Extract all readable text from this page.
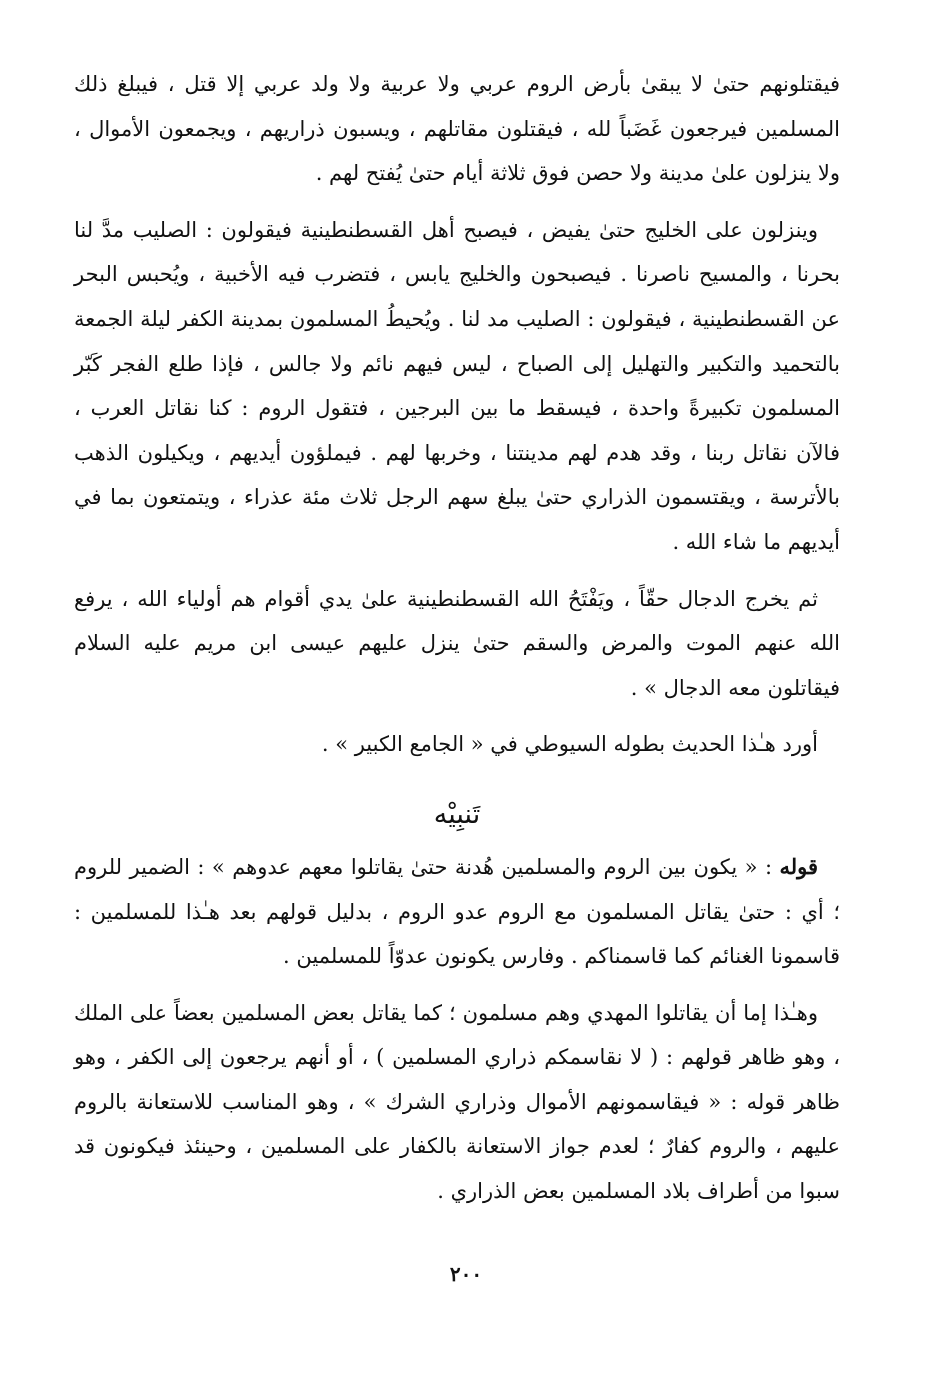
فيقتلونهم حتىٰ لا يبقىٰ بأرض الروم عربي ولا عربية ولا ولد عربي إلا قتل ، فيبلغ ذلك المسلمين فيرجعون غَضَباً لله ، فيقتلون مقاتلهم ، ويسبون ذراريهم ، ويجمعون الأموال ، ولا ينزلون علىٰ مدينة ولا حصن فوق ثلاثة أيام حتىٰ يُفتح لهم .

وينزلون على الخليج حتىٰ يفيض ، فيصبح أهل القسطنطينية فيقولون : الصليب مدَّ لنا بحرنا ، والمسيح ناصرنا . فيصبحون والخليج يابس ، فتضرب فيه الأخبية ، ويُحبس البحر عن القسطنطينية ، فيقولون : الصليب مد لنا . ويُحيطُ المسلمون بمدينة الكفر ليلة الجمعة بالتحميد والتكبير والتهليل إلى الصباح ، ليس فيهم نائم ولا جالس ، فإذا طلع الفجر كَبّر المسلمون تكبيرةً واحدة ، فيسقط ما بين البرجين ، فتقول الروم : كنا نقاتل العرب ، فالآن نقاتل ربنا ، وقد هدم لهم مدينتنا ، وخربها لهم . فيملؤون أيديهم ، ويكيلون الذهب بالأترسة ، ويقتسمون الذراري حتىٰ يبلغ سهم الرجل ثلاث مئة عذراء ، ويتمتعون بما في أيديهم ما شاء الله .

ثم يخرج الدجال حقّاً ، ويَفْتَحُ الله القسطنطينية علىٰ يدي أقوام هم أولياء الله ، يرفع الله عنهم الموت والمرض والسقم حتىٰ ينزل عليهم عيسى ابن مريم عليه السلام فيقاتلون معه الدجال » .

أورد هـٰذا الحديث بطوله السيوطي في « الجامع الكبير » .

تَنبِيْه

قوله : « يكون بين الروم والمسلمين هُدنة حتىٰ يقاتلوا معهم عدوهم » : الضمير للروم ؛ أي : حتىٰ يقاتل المسلمون مع الروم عدو الروم ، بدليل قولهم بعد هـٰذا للمسلمين : قاسمونا الغنائم كما قاسمناكم . وفارس يكونون عدوّاً للمسلمين .

وهـٰذا إما أن يقاتلوا المهدي وهم مسلمون ؛ كما يقاتل بعض المسلمين بعضاً على الملك ، وهو ظاهر قولهم : ( لا نقاسمكم ذراري المسلمين ) ، أو أنهم يرجعون إلى الكفر ، وهو ظاهر قوله : « فيقاسمونهم الأموال وذراري الشرك » ، وهو المناسب للاستعانة بالروم عليهم ، والروم كفارٌ ؛ لعدم جواز الاستعانة بالكفار على المسلمين ، وحينئذ فيكونون قد سبوا من أطراف بلاد المسلمين بعض الذراري .

٢٠٠
